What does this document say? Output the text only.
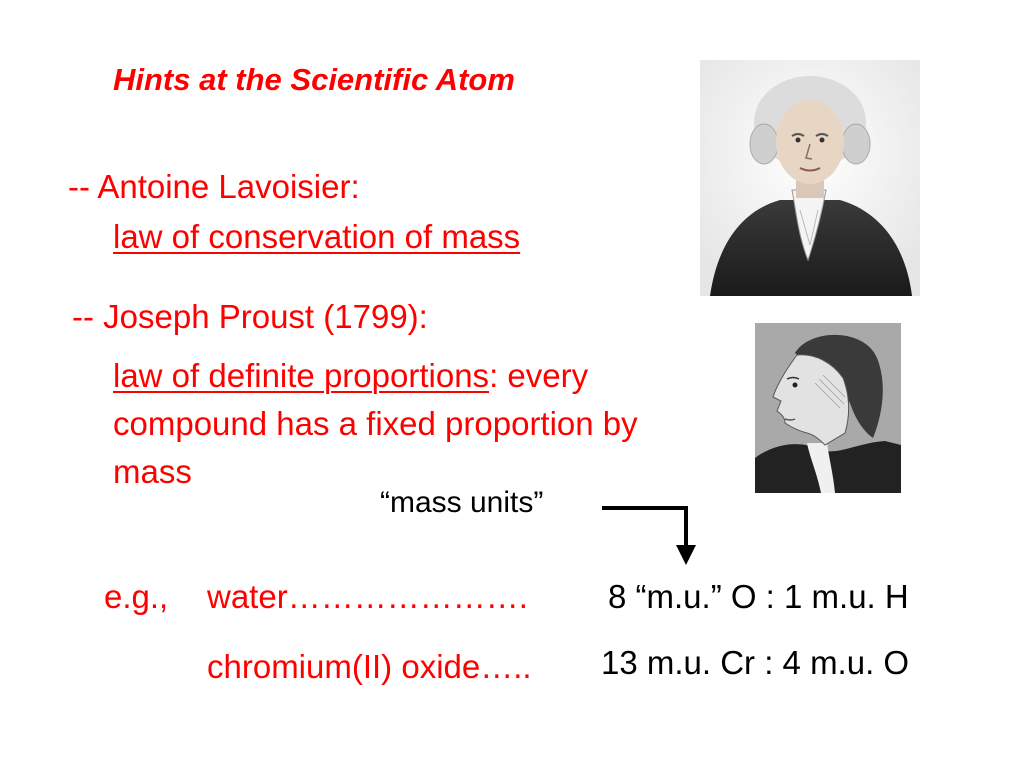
Hints at the Scientific Atom
-- Antoine Lavoisier:
law of conservation of mass
-- Joseph Proust (1799):
law of definite proportions: every compound has a fixed proportion by mass
“mass units”
e.g., water…………………. 8 “m.u.” O : 1 m.u. H
chromium(II) oxide….. 13 m.u. Cr : 4 m.u. O
